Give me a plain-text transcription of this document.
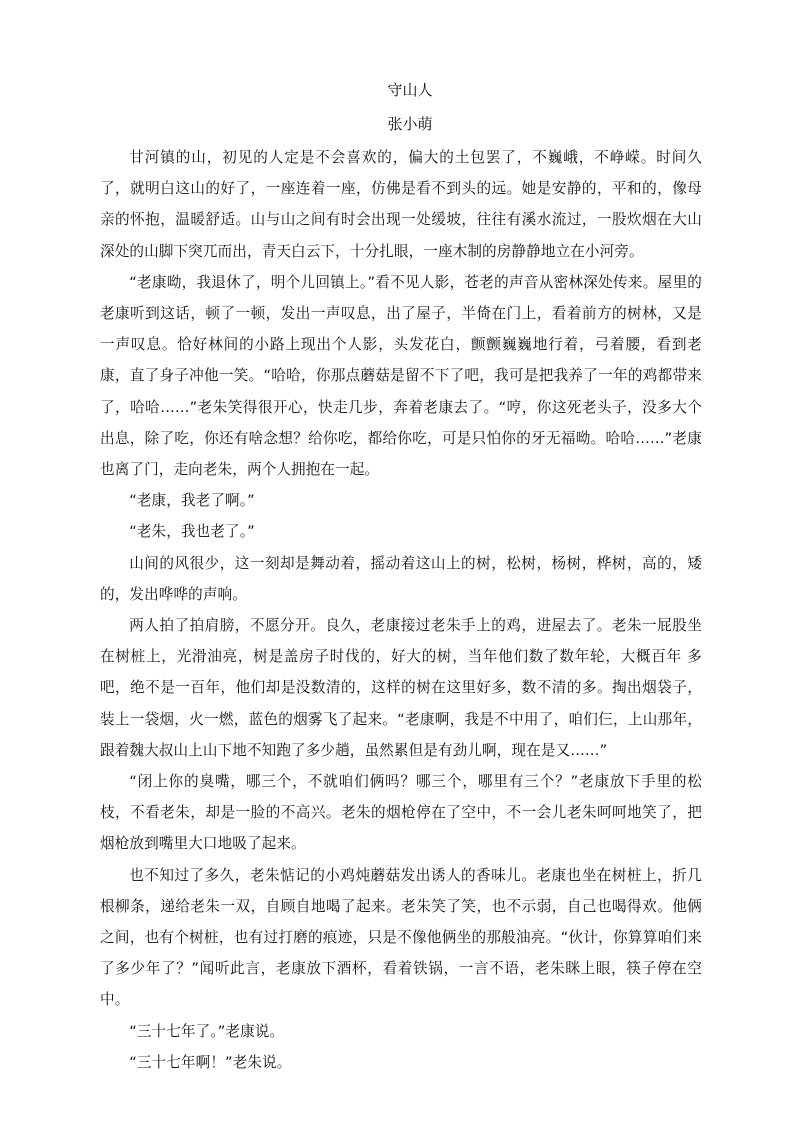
守山人
张小萌

甘河镇的山，初见的人定是不会喜欢的，偏大的土包罢了，不巍峨，不峥嵘。时间久了，就明白这山的好了，一座连着一座，仿佛是看不到头的远。她是安静的，平和的，像母亲的怀抱，温暖舒适。山与山之间有时会出现一处缓坡，往往有溪水流过，一股炊烟在大山深处的山脚下突兀而出，青天白云下，十分扎眼，一座木制的房静静地立在小河旁。

“老康呦，我退休了，明个儿回镇上。”看不见人影，苍老的声音从密林深处传来。屋里的老康听到这话，顿了一顿，发出一声叹息，出了屋子，半倚在门上，看着前方的树林，又是一声叹息。恰好林间的小路上现出个人影，头发花白，颤颤巍巍地行着，弓着腰，看到老康，直了身子冲他一笑。“哈哈，你那点蘑菇是留不下了吧，我可是把我养了一年的鸡都带来了，哈哈……”老朱笑得很开心，快走几步，奔着老康去了。“哼，你这死老头子，没多大个出息，除了吃，你还有啥念想？给你吃，都给你吃，可是只怕你的牙无福呦。哈哈……”老康也离了门，走向老朱，两个人拥抱在一起。

“老康，我老了啊。”

“老朱，我也老了。”

山间的风很少，这一刻却是舞动着，摇动着这山上的树，松树，杨树，桦树，高的，矮的，发出哗哗的声响。

两人拍了拍肩膀，不愿分开。良久，老康接过老朱手上的鸡，进屋去了。老朱一屁股坐在树桩上，光滑油亮，树是盖房子时伐的，好大的树，当年他们数了数年轮，大概百年 多吧，绝不是一百年，他们却是没数清的，这样的树在这里好多，数不清的多。掏出烟袋子，装上一袋烟，火一燃，蓝色的烟雾飞了起来。“老康啊，我是不中用了，咱们仨，上山那年，跟着魏大叔山上山下地不知跑了多少趟，虽然累但是有劲儿啊，现在是又……”

“闭上你的臭嘴，哪三个，不就咱们俩吗？哪三个，哪里有三个？”老康放下手里的松枝，不看老朱，却是一脸的不高兴。老朱的烟枪停在了空中，不一会儿老朱呵呵地笑了，把烟枪放到嘴里大口地吸了起来。

也不知过了多久，老朱惦记的小鸡炖蘑菇发出诱人的香味儿。老康也坐在树桩上，折几根柳条，递给老朱一双，自顾自地喝了起来。老朱笑了笑，也不示弱，自己也喝得欢。他俩之间，也有个树桩，也有过打磨的痕迹，只是不像他俩坐的那般油亮。“伙计，你算算咱们来了多少年了？”闻听此言，老康放下酒杯，看着铁锅，一言不语，老朱眯上眼，筷子停在空中。

“三十七年了。”老康说。

“三十七年啊！”老朱说。
